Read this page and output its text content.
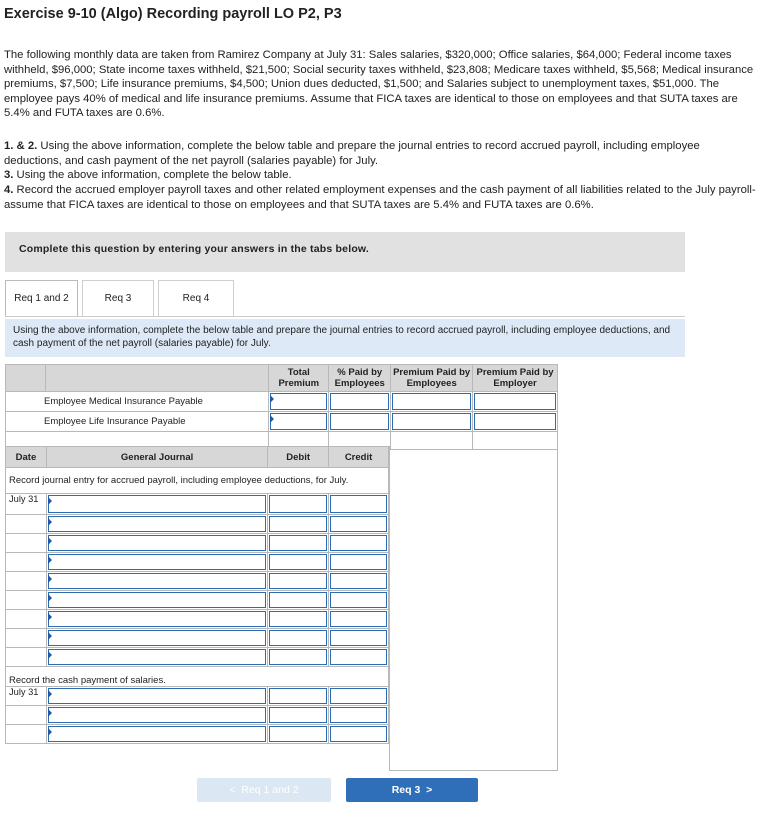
Exercise 9-10 (Algo) Recording payroll LO P2, P3

The following monthly data are taken from Ramirez Company at July 31: Sales salaries, $320,000; Office salaries, $64,000; Federal income taxes withheld, $96,000; State income taxes withheld, $21,500; Social security taxes withheld, $23,808; Medicare taxes withheld, $5,568; Medical insurance premiums, $7,500; Life insurance premiums, $4,500; Union dues deducted, $1,500; and Salaries subject to unemployment taxes, $51,000. The employee pays 40% of medical and life insurance premiums. Assume that FICA taxes are identical to those on employees and that SUTA taxes are 5.4% and FUTA taxes are 0.6%.

1. & 2. Using the above information, complete the below table and prepare the journal entries to record accrued payroll, including employee deductions, and cash payment of the net payroll (salaries payable) for July.

3. Using the above information, complete the below table.

4. Record the accrued employer payroll taxes and other related employment expenses and the cash payment of all liabilities related to the July payroll-assume that FICA taxes are identical to those on employees and that SUTA taxes are 5.4% and FUTA taxes are 0.6%.

Complete this question by entering your answers in the tabs below.
Req 1 and 2	Req 3	Req 4
Using the above information, complete the below table and prepare the journal entries to record accrued payroll, including employee deductions, and cash payment of the net payroll (salaries payable) for July.
		Total Premium	% Paid by Employees	Premium Paid by Employees	Premium Paid by Employer
Employee Medical Insurance Payable		

Employee Life Insurance Payable		

Date	General Journal	Debit	Credit
Record journal entry for accrued payroll, including employee deductions, for July.			
July 31	

Record the cash payment of salaries.			
July 31	

<  Req 1 and 2	Req 3  >
